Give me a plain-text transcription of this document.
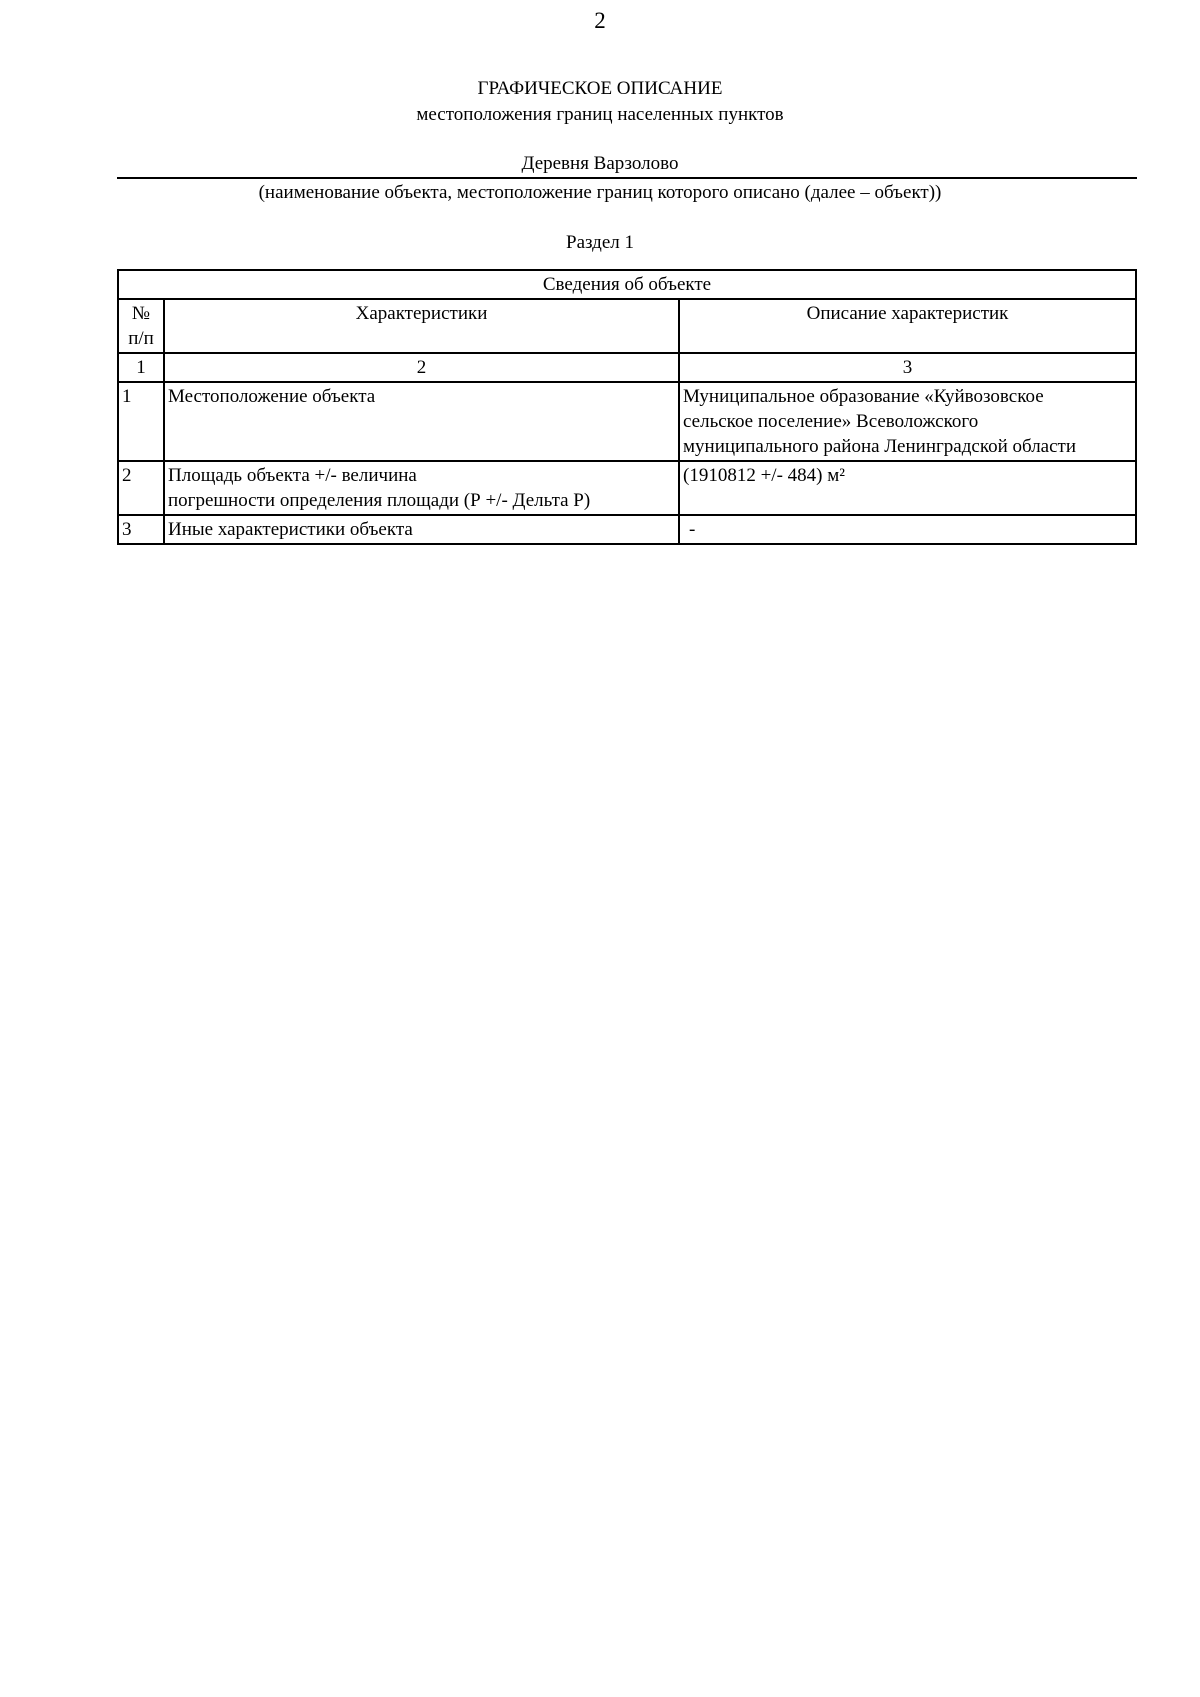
2
ГРАФИЧЕСКОЕ ОПИСАНИЕ
местоположения границ населенных пунктов
Деревня Варзолово
(наименование объекта, местоположение границ которого описано (далее – объект))
Раздел 1
Сведения об объекте		

№
п/п	Характеристики	Описание характеристик
1	2	3
1	Местоположение объекта	Муниципальное образование «Куйвозовское
сельское поселение» Всеволожского
муниципального района Ленинградской области

2	Площадь объекта +/- величина
погрешности определения площади (Р +/- Дельта Р)	(1910812 +/- 484) м²

3	Иные характеристики объекта	-
